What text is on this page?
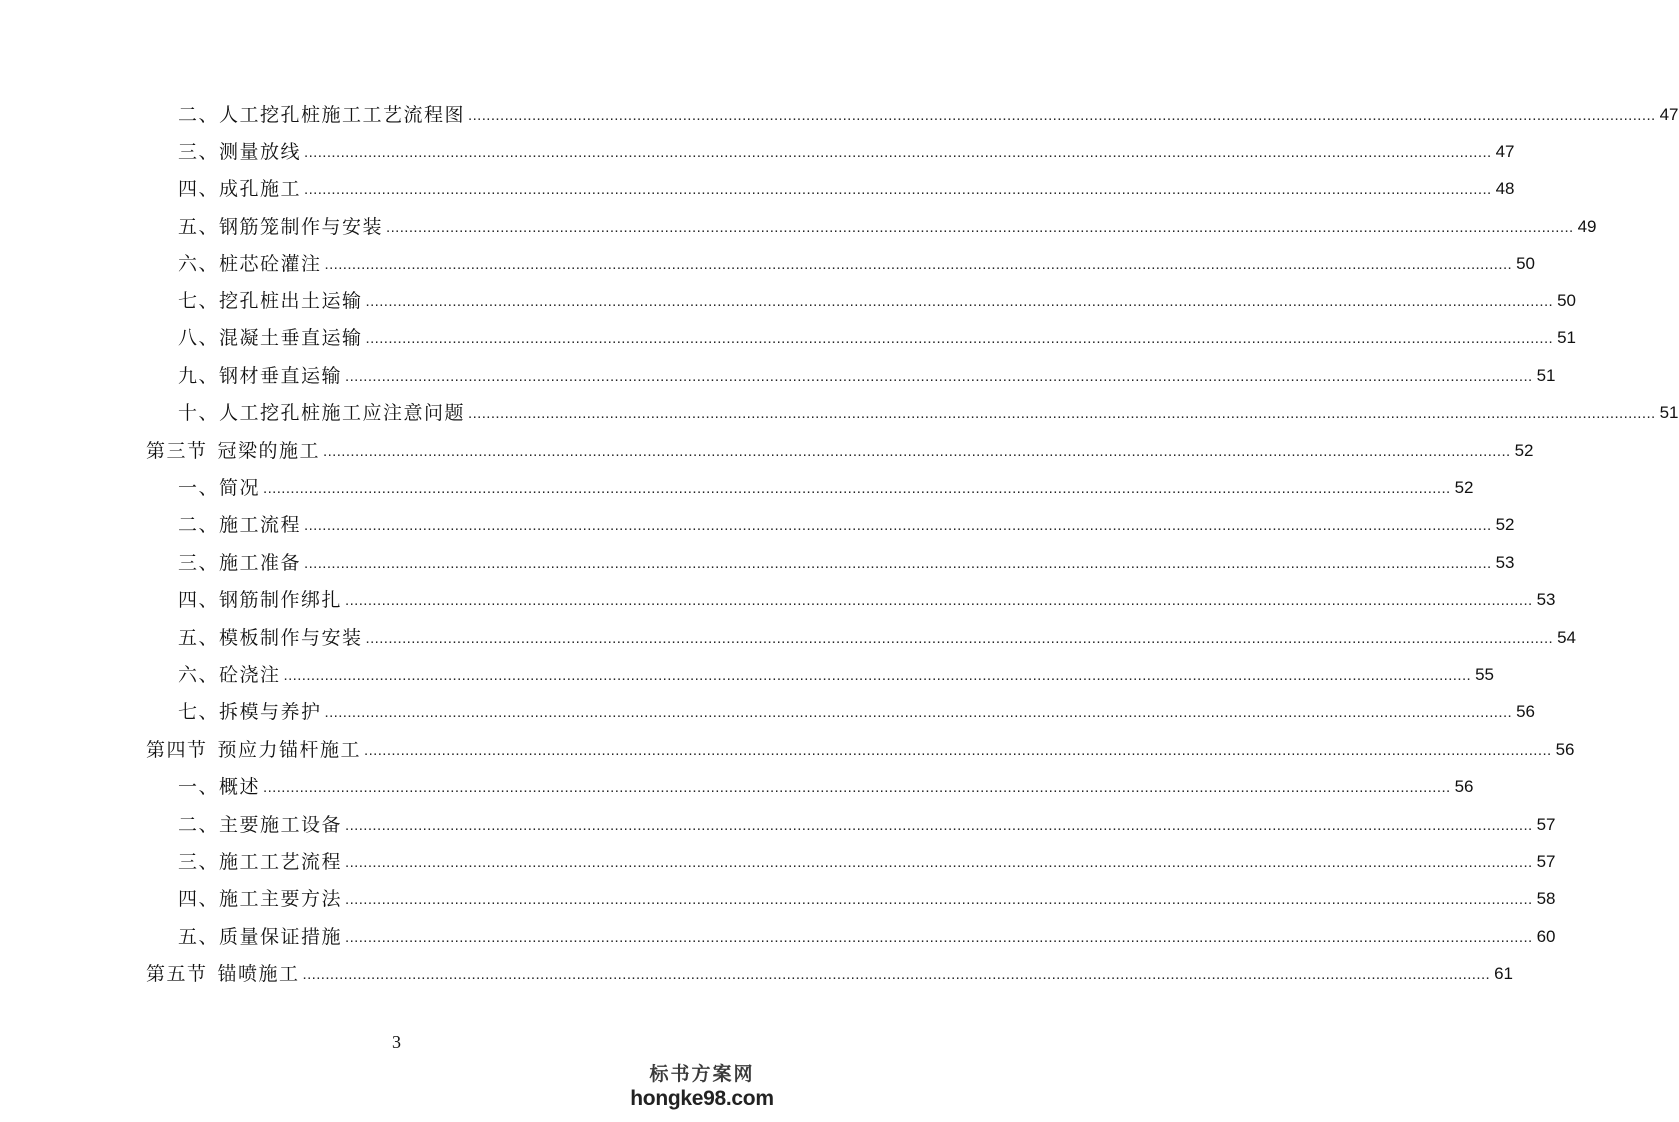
二、人工挖孔桩施工工艺流程图 .................................................................................................................................................................................................................................................................... 47
三、测量放线 .................................................................................................................................................................................................................................................................... 47
四、成孔施工 .................................................................................................................................................................................................................................................................... 48
五、钢筋笼制作与安装 .................................................................................................................................................................................................................................................................... 49
六、桩芯砼灌注 .................................................................................................................................................................................................................................................................... 50
七、挖孔桩出土运输 .................................................................................................................................................................................................................................................................... 50
八、混凝土垂直运输 .................................................................................................................................................................................................................................................................... 51
九、钢材垂直运输 .................................................................................................................................................................................................................................................................... 51
十、人工挖孔桩施工应注意问题 .................................................................................................................................................................................................................................................................... 51
第三节 冠梁的施工 .................................................................................................................................................................................................................................................................... 52
一、简况 .................................................................................................................................................................................................................................................................... 52
二、施工流程 .................................................................................................................................................................................................................................................................... 52
三、施工准备 .................................................................................................................................................................................................................................................................... 53
四、钢筋制作绑扎 .................................................................................................................................................................................................................................................................... 53
五、模板制作与安装 .................................................................................................................................................................................................................................................................... 54
六、砼浇注 .................................................................................................................................................................................................................................................................... 55
七、拆模与养护 .................................................................................................................................................................................................................................................................... 56
第四节 预应力锚杆施工 .................................................................................................................................................................................................................................................................... 56
一、概述 .................................................................................................................................................................................................................................................................... 56
二、主要施工设备 .................................................................................................................................................................................................................................................................... 57
三、施工工艺流程 .................................................................................................................................................................................................................................................................... 57
四、施工主要方法 .................................................................................................................................................................................................................................................................... 58
五、质量保证措施 .................................................................................................................................................................................................................................................................... 60
第五节 锚喷施工 .................................................................................................................................................................................................................................................................... 61
3
标书方案网
hongke98.com
